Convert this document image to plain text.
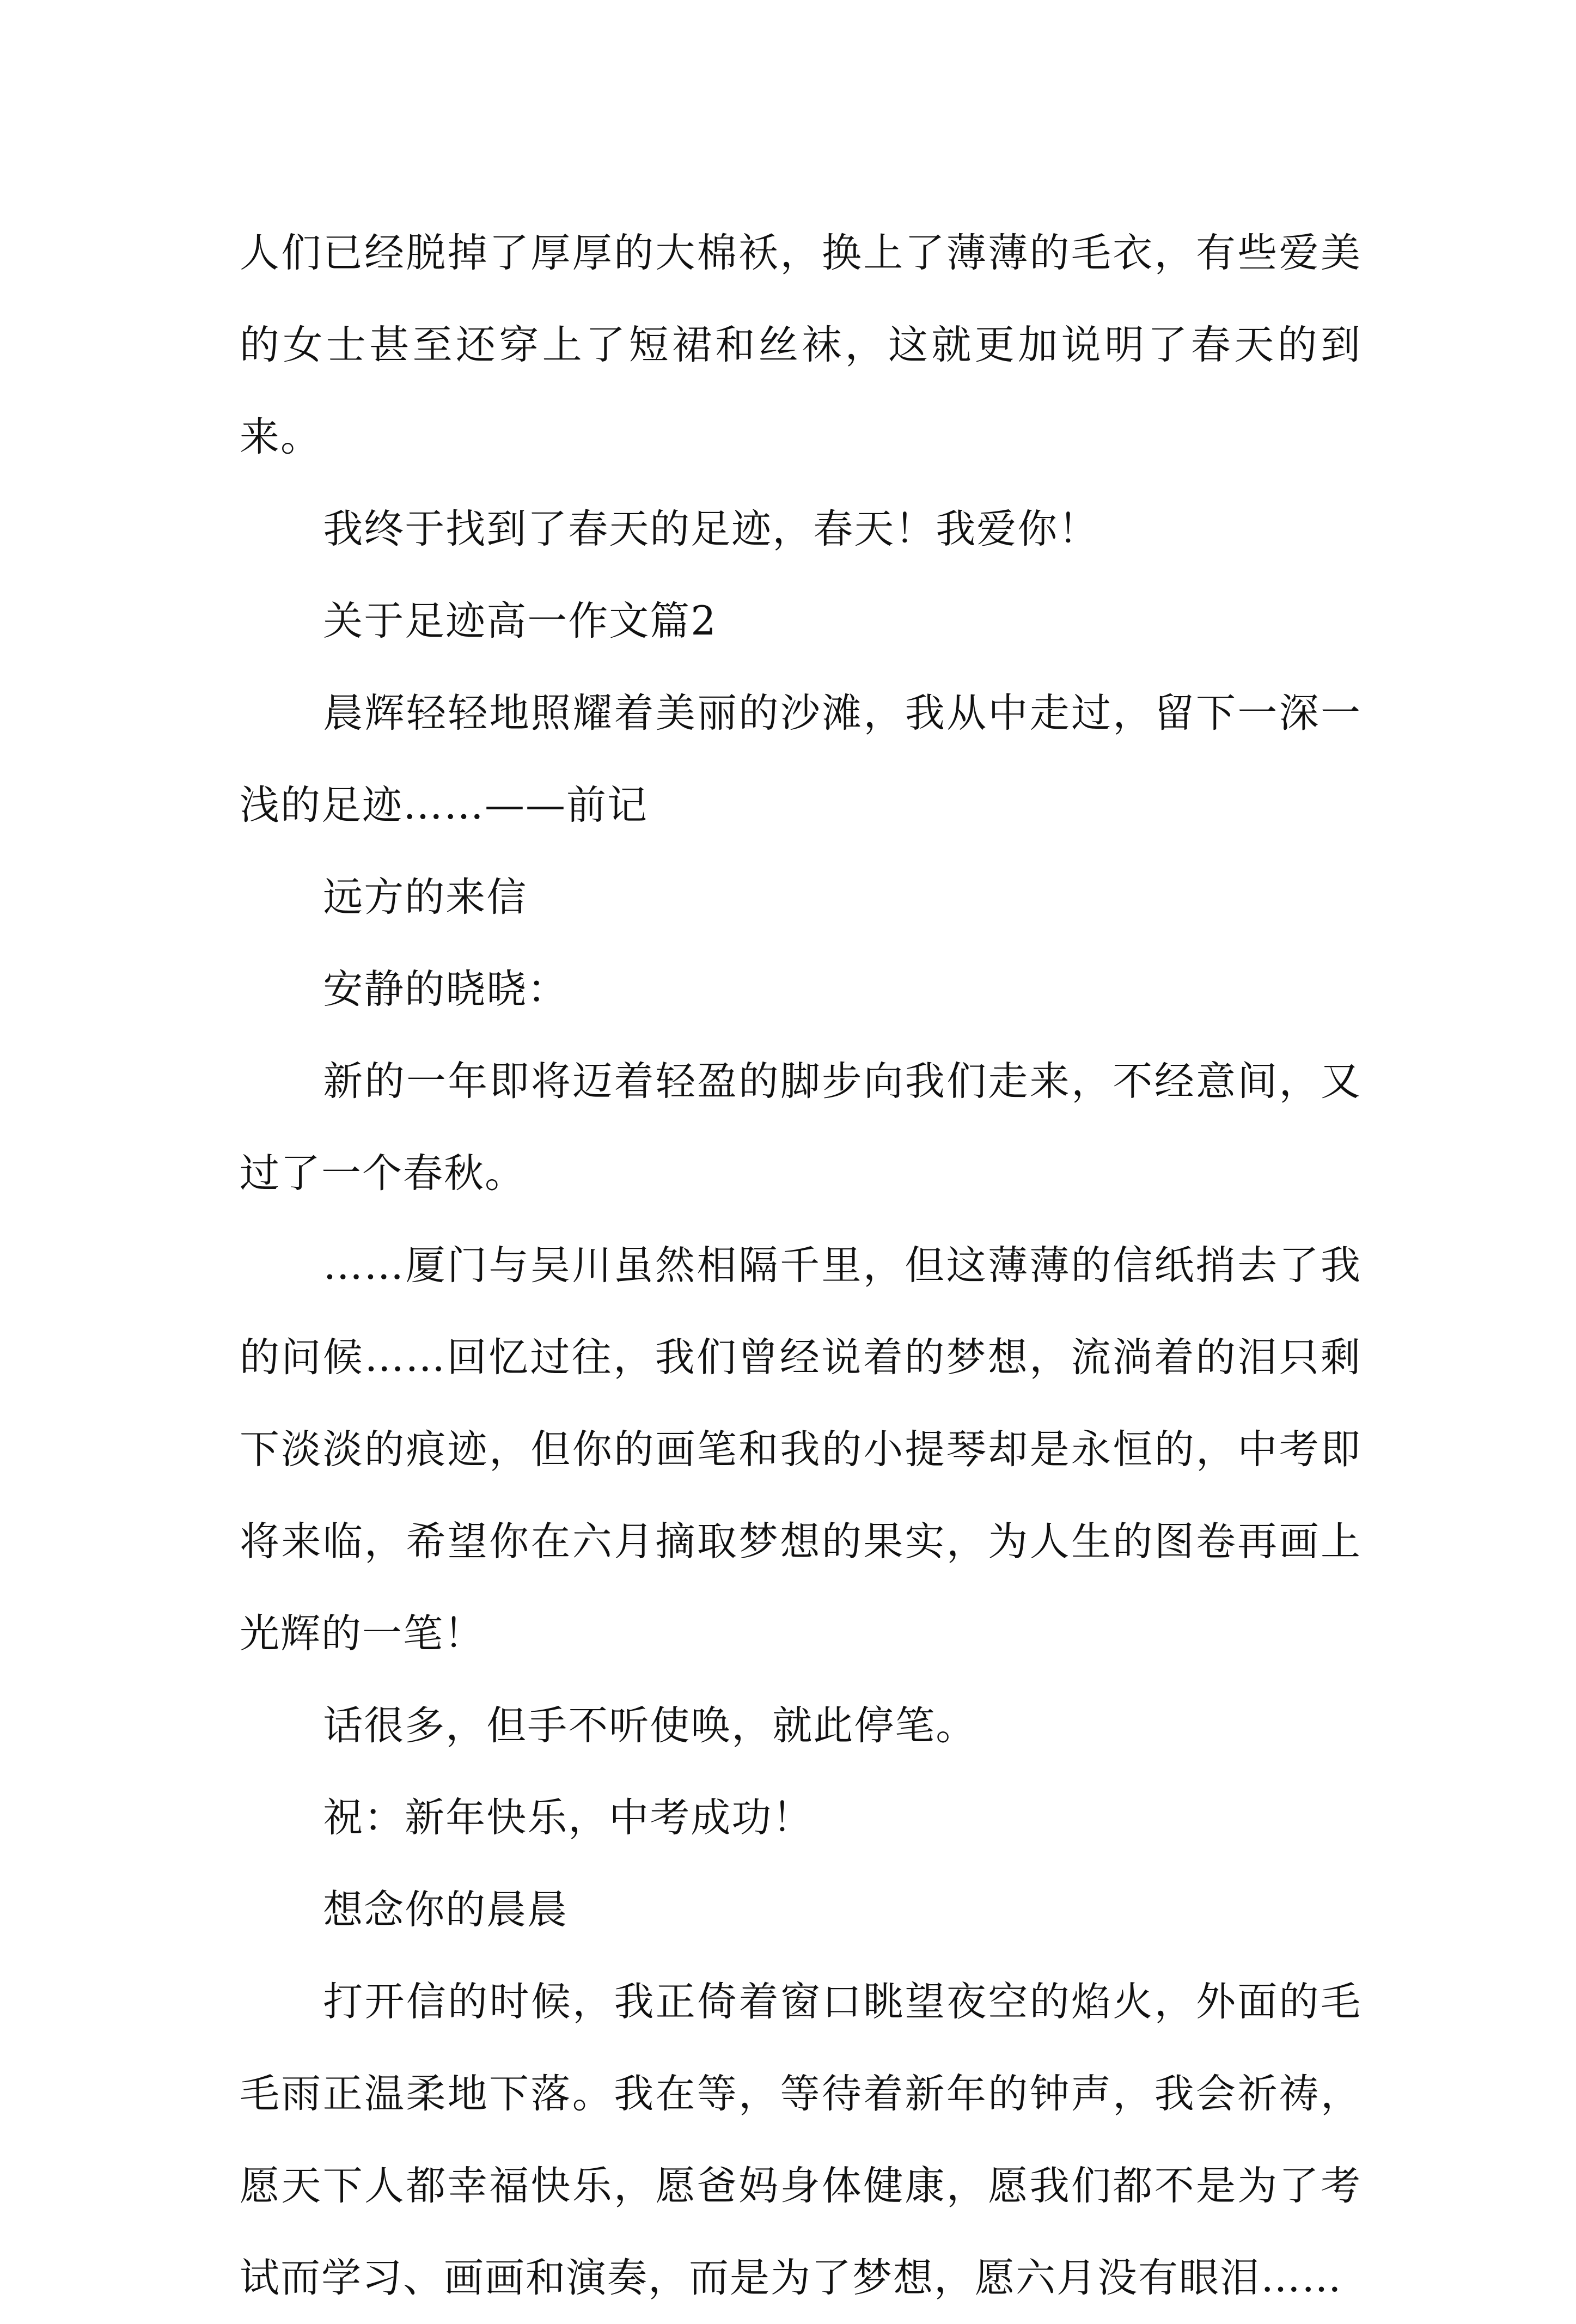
人们已经脱掉了厚厚的大棉袄，换上了薄薄的毛衣，有些爱美的女士甚至还穿上了短裙和丝袜，这就更加说明了春天的到来。

我终于找到了春天的足迹，春天！我爱你！

关于足迹高一作文篇2

晨辉轻轻地照耀着美丽的沙滩，我从中走过，留下一深一浅的足迹……——前记

远方的来信

安静的晓晓：

新的一年即将迈着轻盈的脚步向我们走来，不经意间，又过了一个春秋。

……厦门与吴川虽然相隔千里，但这薄薄的信纸捎去了我的问候……回忆过往，我们曾经说着的梦想，流淌着的泪只剩下淡淡的痕迹，但你的画笔和我的小提琴却是永恒的，中考即将来临，希望你在六月摘取梦想的果实，为人生的图卷再画上光辉的一笔！

话很多，但手不听使唤，就此停笔。

祝：新年快乐，中考成功！

想念你的晨晨

打开信的时候，我正倚着窗口眺望夜空的焰火，外面的毛毛雨正温柔地下落。我在等，等待着新年的钟声，我会祈祷，愿天下人都幸福快乐，愿爸妈身体健康，愿我们都不是为了考试而学习、画画和演奏，而是为了梦想，愿六月没有眼泪……
